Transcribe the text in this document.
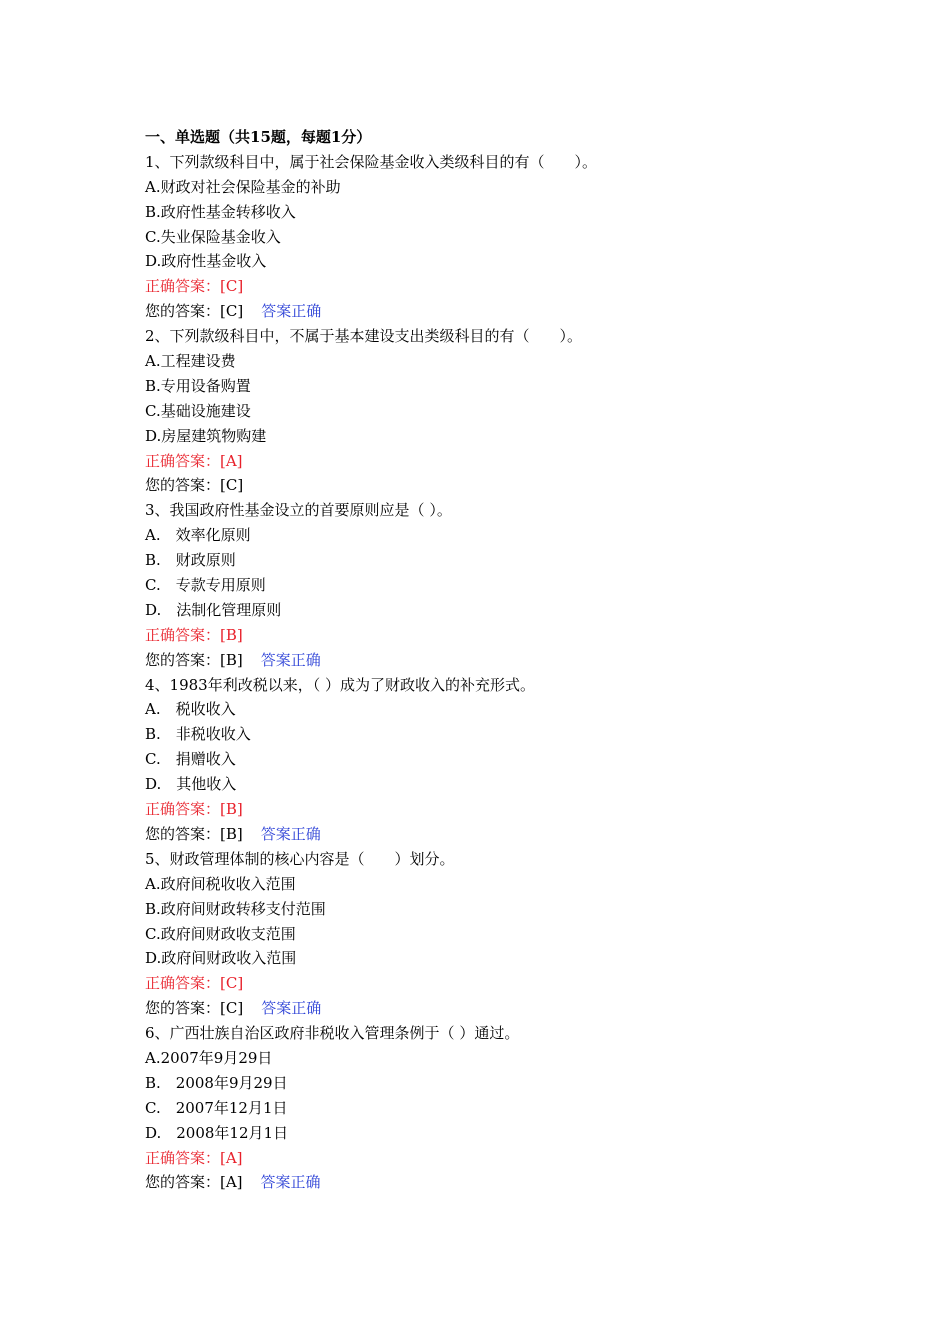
一、单选题（共15题，每题1分）
1、下列款级科目中，属于社会保险基金收入类级科目的有（　　）。
A.财政对社会保险基金的补助
B.政府性基金转移收入
C.失业保险基金收入
D.政府性基金收入
正确答案：[C]
您的答案：[C] 答案正确
2、下列款级科目中，不属于基本建设支出类级科目的有（　　）。
A.工程建设费
B.专用设备购置
C.基础设施建设
D.房屋建筑物购建
正确答案：[A]
您的答案：[C]
3、我国政府性基金设立的首要原则应是（ ）。
A.　效率化原则
B.　财政原则
C.　专款专用原则
D.　法制化管理原则
正确答案：[B]
您的答案：[B] 答案正确
4、1983年利改税以来，（ ）成为了财政收入的补充形式。
A.　税收收入
B.　非税收收入
C.　捐赠收入
D.　其他收入
正确答案：[B]
您的答案：[B] 答案正确
5、财政管理体制的核心内容是（　　）划分。
A.政府间税收收入范围
B.政府间财政转移支付范围
C.政府间财政收支范围
D.政府间财政收入范围
正确答案：[C]
您的答案：[C] 答案正确
6、广西壮族自治区政府非税收入管理条例于（ ）通过。
A.2007年9月29日
B.　2008年9月29日
C.　2007年12月1日
D.　2008年12月1日
正确答案：[A]
您的答案：[A] 答案正确
